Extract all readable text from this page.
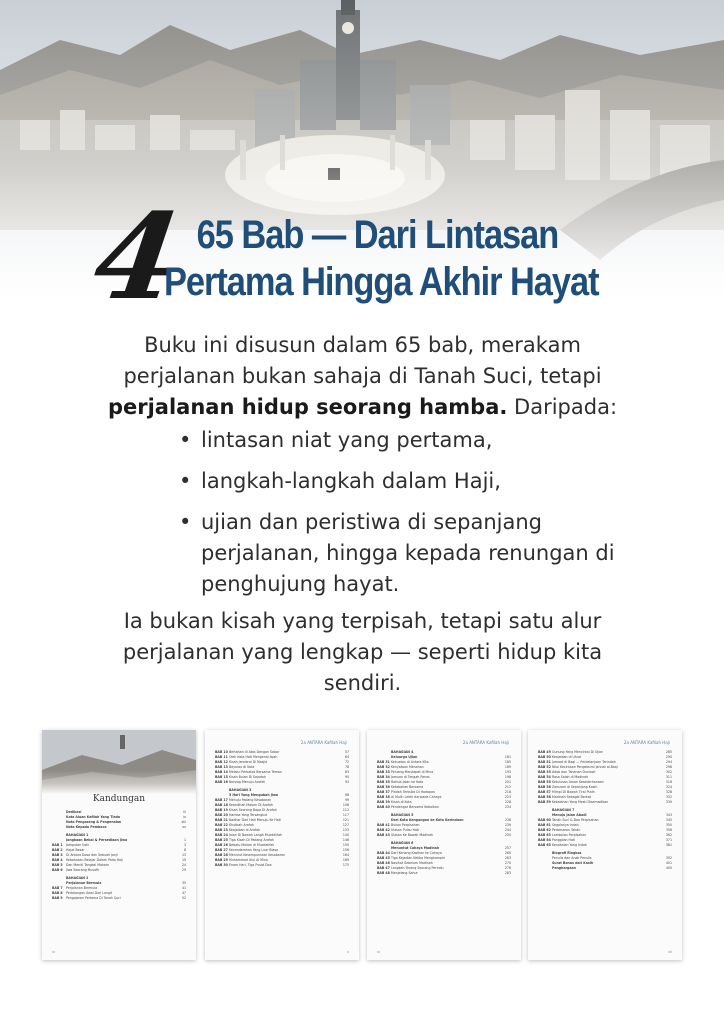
4 65 Bab — Dari Lintasan
Pertama Hingga Akhir Hayat

Buku ini disusun dalam 65 bab, merakam perjalanan bukan sahaja di Tanah Suci, tetapi perjalanan hidup seorang hamba. Daripada:

• lintasan niat yang pertama,
• langkah-langkah dalam Haji,
• ujian dan peristiwa di sepanjang perjalanan, hingga kepada renungan di penghujung hayat.

Ia bukan kisah yang terpisah, tetapi satu alur perjalanan yang lengkap — seperti hidup kita sendiri.

Kandungan
Dedikasi	iii
Kata Aluan Kafilah Yang Tiada	ix
Nota Pengarang & Pengenalan	xiii
Nota Kepada Pembaca	xv
BAHAGIAN 1
Jangkaan Bekal & Persediaan Jiwa	1
BAB 1	Jemputan Ilahi	3
BAB 2	Hajat Besar	8
BAB 3	Di Antara Dosa dan Sebuah Janji	13
BAB 4	Kebahasan Belajar Dalam Pada Haji	19
BAB 5	Dan Meniti Tangkal Makam	24
BAB 6	Jiwa Seorang Musafir	29
BAHAGIAN 2
Perjalanan Bermula	35
BAB 7	Perjalanan Bermula	41
BAB 8	Pertolongan Awal Dari Langit	47
BAB 9	Pengajaran Pertama Di Tanah Suci	52
iv
2a ANTARA Kafilah Haji
BAB 10 Bertahan di Atas Dengan Sabar	57
BAB 11 Oleh Kota Hati Mengenal Ayah	64
BAB 12 Kisah Jenderal Di Masjid	72
BAB 13 Bayaran di Kota	78
BAB 14 Melalui Perbatas Bersama Teman	83
BAB 15 Kisah Bulan Di Sejadah	90
BAB 16 Bersiap Menuju Arafah	93
BAHAGIAN 3
5 Hari Yang Mengubah Jiwa	98
BAB 17 Menuju Padang Kesabaran	99
BAB 18 Kesedihan Malam Di Arafah	106
BAB 19 Kisah Seorang Bapa Di Arafah	112
BAB 20 Hamba Yang Tersangkut	117
BAB 21 Nadhar Dari Hati Menuju Ke Hati	121
BAB 22 Khutbah Arafah	127
BAB 23 Keajaiban di Arafah	133
BAB 24 Jalan Di Bawah Langit Muzdalifah	140
BAB 25 Tiga Kisah Di Padang Arafah	146
BAB 26 Bebatu Malam di Muzdalifah	150
BAB 27 Kecenderahan Yang Luar Biasa	156
BAB 28 Menurut Kesempurnaan Kesabaran	164
BAB 29 Muhammad Ulul Al Mina	169
BAB 30 Enam Hari, Tiga Pusat Doa	175
v
2a ANTARA Kafilah Haji
BAHAGIAN 4
Keluarga Ujian	181
BAB 31 Kekuatan di Antara Kita	185
BAB 32 Kenyataan Menahan	189
BAB 33 Peluang Mendapat di Mina	193
BAB 34 Jamuan di Tengah Panas	198
BAB 35 Rahsia Jalan ke Kota	201
BAB 36 Ketabahan Bersama	212
BAB 37 Pindah Terbuka Di Hadapan	218
BAB 38 Al Mulk: Lebih daripada Cahaya	223
BAB 39 Kisah di Kota	228
BAB 40 Pendengar Bersama Kebaikan	234
BAHAGIAN 5
Dari Kota Kengangan ke Kota Kerinduan	238
BAB 41 Bukan Perpisahan	239
BAB 42 Ulasan Pulau Hati	244
BAB 43 Ulasan Ke Bawah Madinah	250
BAHAGIAN 6
Menuntut Cahaya Madinah	257
BAB 44 Dari Kenang Kasihan ke Cahaya	260
BAB 45 Tiga Kejadian Ketika Menghampiri	263
BAB 46 Nasihat Sebelum Madinah	270
BAB 47 Langkah Terang Seorang Perindu	276
BAB 48 Menjelang Sahur	283
vi
2a ANTARA Kafilah Haji
BAB 49 Gunung Yang Mencintai Di Ujian	285
BAB 50 Keajaiban di Uhud	290
BAB 51 Jumaat di Baqi — Perbelanjaan Terindah	294
BAB 52 Nilai Kecintaan Pengebumi Jannat al-Baqi	298
BAB 53 Adab dan Tahanan Duniawi	302
BAB 54 Rasa Salah di Madinah	311
BAB 55 Ketulusan Aman Kesederhanaan	318
BAB 56 Zamzam di Sepanjang Kasih	324
BAB 57 Mimpi Di Bawah Tirai Putih	328
BAB 58 Madinah Sebagai Berkat	332
BAB 59 Kekalahan Yang Mesti Disemadikan	339
BAHAGIAN 7
Menuju Jalan Abadi	343
BAB 60 Tanah Suci & Doa Perpisahan	345
BAB 61 Segalanya Indah	350
BAB 62 Perbesaran Takdir	356
BAB 63 Lambaian Perpisahan	362
BAB 64 Panggilan Hati	371
BAB 65 Kenakalan Yang Indah	381
Biografi Ringkas
Penulis dan Anak Penulis	392
Surat Bonus dari Kasih	401
Penghargaan	405
vii
